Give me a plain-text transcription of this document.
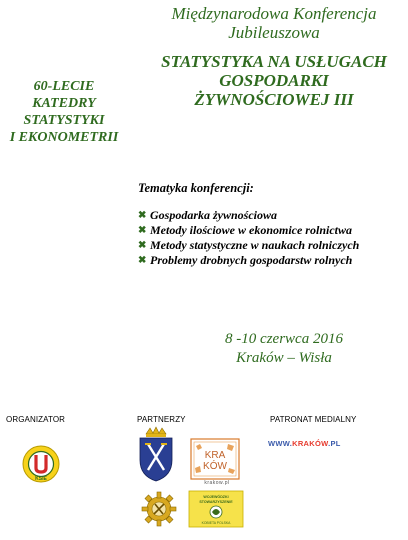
Międzynarodowa Konferencja
Jubileuszowa
STATYSTYKA NA USŁUGACH
GOSPODARKI
ŻYWNOŚCIOWEJ III
60-LECIE
KATEDRY
STATYSTYKI
I EKONOMETRII
Tematyka konferencji:
✖ Gospodarka żywnościowa
✖ Metody ilościowe w ekonomice rolnictwa
✖ Metody statystyczne w naukach rolniczych
✖ Problemy drobnych gospodarstw rolnych
8 -10 czerwca 2016
Kraków – Wisła
ORGANIZATOR	PARTNERZY	PATRONAT MEDIALNY
KSiE
KRA
KÓW
krakow.pl
WOJEWÓDZKI
STOWARZYSZENIE
KOBIETA POLSKA
WWW.KRAKÓW.PL
